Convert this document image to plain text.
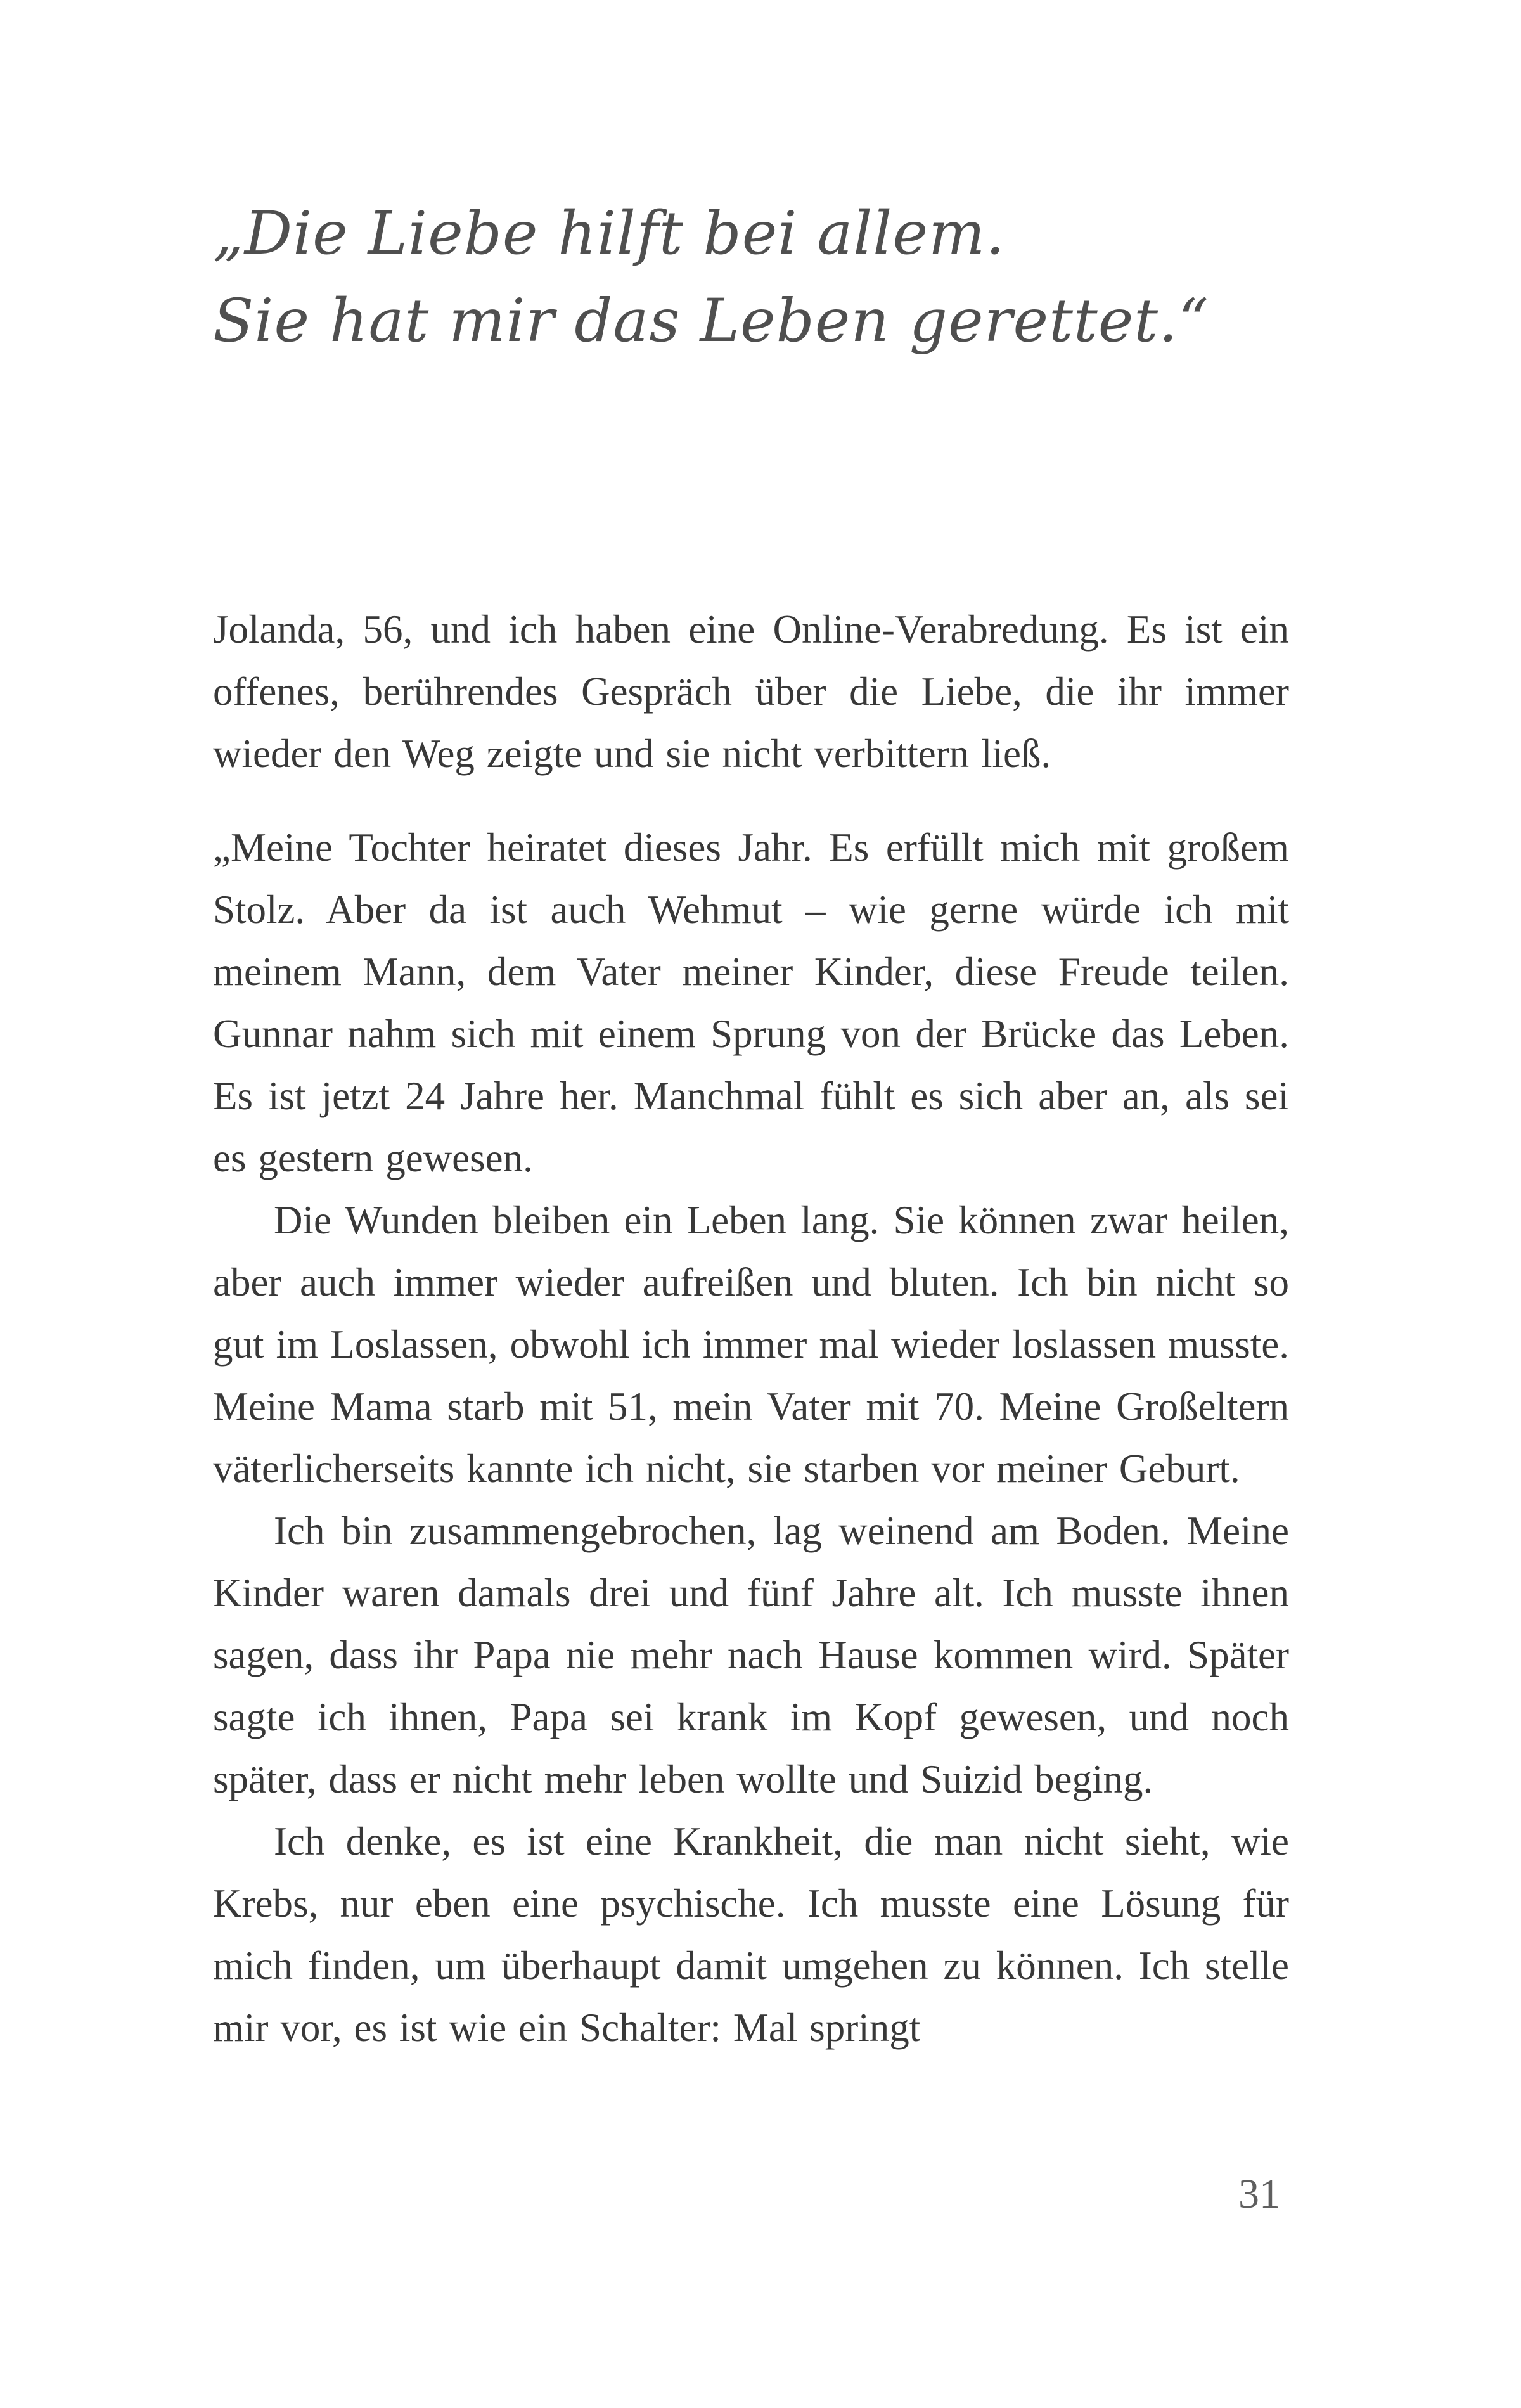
„Die Liebe hilft bei allem.
Sie hat mir das Leben gerettet.“

Jolanda, 56, und ich haben eine Online-Verabredung. Es ist ein offenes, berührendes Gespräch über die Liebe, die ihr immer wieder den Weg zeigte und sie nicht verbittern ließ.

„Meine Tochter heiratet dieses Jahr. Es erfüllt mich mit großem Stolz. Aber da ist auch Wehmut – wie gerne würde ich mit meinem Mann, dem Vater meiner Kinder, diese Freude teilen. Gunnar nahm sich mit einem Sprung von der Brücke das Leben. Es ist jetzt 24 Jahre her. Manchmal fühlt es sich aber an, als sei es gestern gewesen.

Die Wunden bleiben ein Leben lang. Sie können zwar heilen, aber auch immer wieder aufreißen und bluten. Ich bin nicht so gut im Loslassen, obwohl ich immer mal wieder loslassen musste. Meine Mama starb mit 51, mein Vater mit 70. Meine Großeltern väterlicherseits kannte ich nicht, sie starben vor meiner Geburt.

Ich bin zusammengebrochen, lag weinend am Boden. Meine Kinder waren damals drei und fünf Jahre alt. Ich musste ihnen sagen, dass ihr Papa nie mehr nach Hause kommen wird. Später sagte ich ihnen, Papa sei krank im Kopf gewesen, und noch später, dass er nicht mehr leben wollte und Suizid beging.

Ich denke, es ist eine Krankheit, die man nicht sieht, wie Krebs, nur eben eine psychische. Ich musste eine Lösung für mich finden, um überhaupt damit umgehen zu können. Ich stelle mir vor, es ist wie ein Schalter: Mal springt

31
